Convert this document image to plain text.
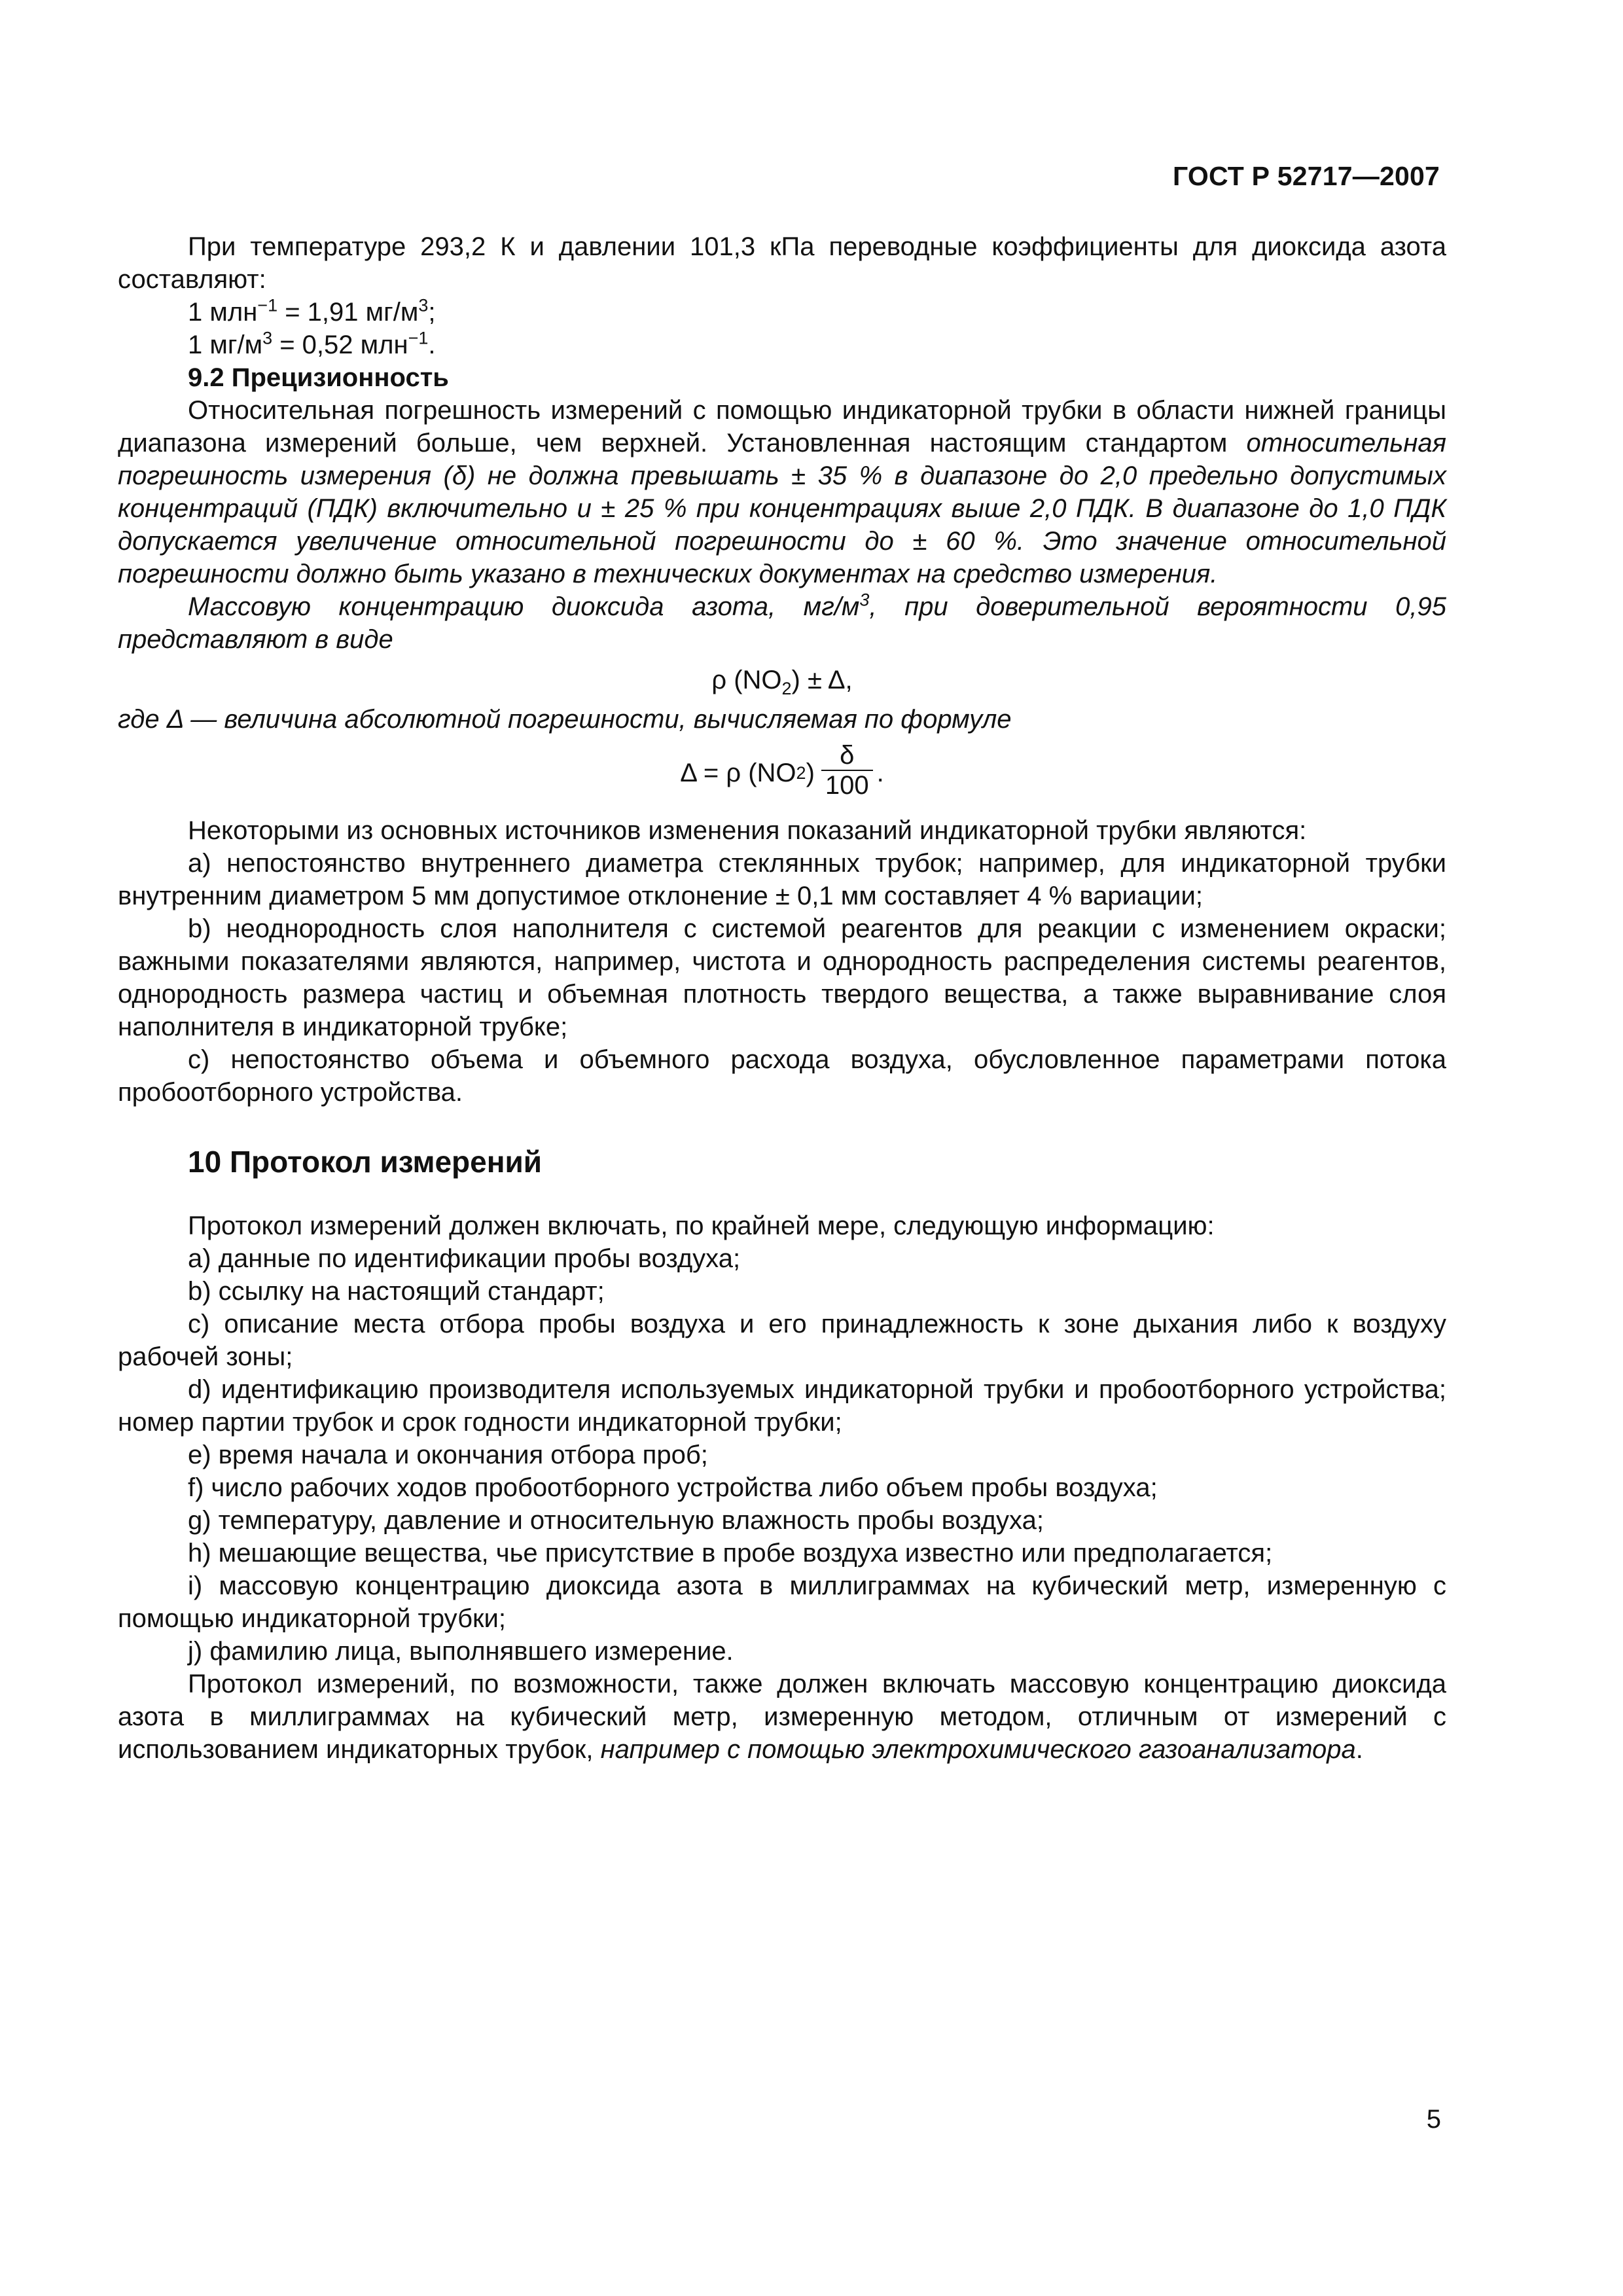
ГОСТ Р 52717—2007

При температуре 293,2 К и давлении 101,3 кПа переводные коэффициенты для диоксида азота составляют:

1 млн$^{-1}$ = 1,91 $мг/м^3$;

1 $мг/м^3 = 0,52$ млн$^{-1}$.

9.2 Прецизионность

Относительная погрешность измерений с помощью индикаторной трубки в области нижней границы диапазона измерений больше, чем верхней. Установленная настоящим стандартом относительная погрешность измерения (δ) не должна превышать ± 35 % в диапазоне до 2,0 предельно допустимых концентраций (ПДК) включительно и ± 25 % при концентрациях выше 2,0 ПДК. В диапазоне до 1,0 ПДК допускается увеличение относительной погрешности до ± 60 %. Это значение относительной погрешности должно быть указано в технических документах на средство измерения.

Массовую концентрацию диоксида азота, $мг/м^3$, при доверительной вероятности 0,95 представляют в виде

ρ $(NO_2) \pm \Delta$,

где Δ — величина абсолютной погрешности, вычисляемая по формуле

Δ = ρ (NO 2 ) $\frac{\delta}{100}$ .

Некоторыми из основных источников изменения показаний индикаторной трубки являются:

а) непостоянство внутреннего диаметра стеклянных трубок; например, для индикаторной трубки внутренним диаметром 5 мм допустимое отклонение ± 0,1 мм составляет 4 % вариации;

b) неоднородность слоя наполнителя с системой реагентов для реакции с изменением окраски; важными показателями являются, например, чистота и однородность распределения системы реагентов, однородность размера частиц и объемная плотность твердого вещества, а также выравнивание слоя наполнителя в индикаторной трубке;

с) непостоянство объема и объемного расхода воздуха, обусловленное параметрами потока пробоотборного устройства.

10 Протокол измерений

Протокол измерений должен включать, по крайней мере, следующую информацию:

а) данные по идентификации пробы воздуха;

b) ссылку на настоящий стандарт;

с) описание места отбора пробы воздуха и его принадлежность к зоне дыхания либо к воздуху рабочей зоны;

d) идентификацию производителя используемых индикаторной трубки и пробоотборного устройства; номер партии трубок и срок годности индикаторной трубки;

е) время начала и окончания отбора проб;

f) число рабочих ходов пробоотборного устройства либо объем пробы воздуха;

g) температуру, давление и относительную влажность пробы воздуха;

h) мешающие вещества, чье присутствие в пробе воздуха известно или предполагается;

i) массовую концентрацию диоксида азота в миллиграммах на кубический метр, измеренную с помощью индикаторной трубки;

j) фамилию лица, выполнявшего измерение.

Протокол измерений, по возможности, также должен включать массовую концентрацию диоксида азота в миллиграммах на кубический метр, измеренную методом, отличным от измерений с использованием индикаторных трубок, например с помощью электрохимического газоанализатора.

5
